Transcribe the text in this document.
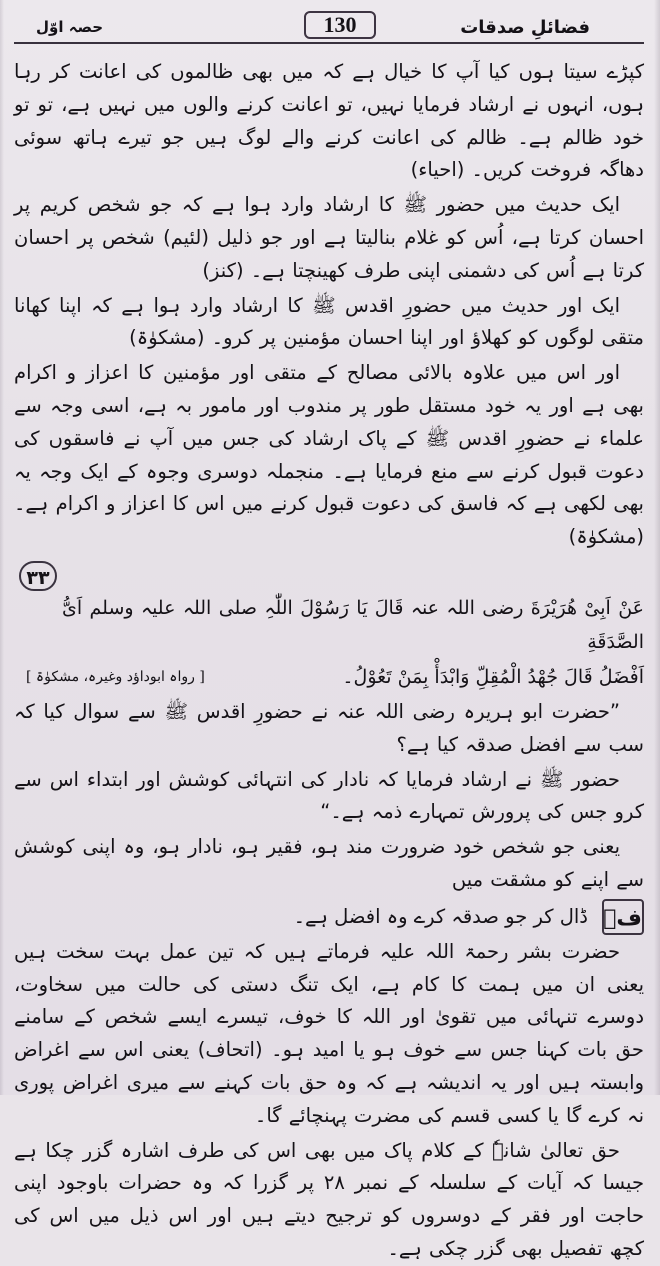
فضائلِ صدقات
130
حصہ اوّل

کپڑے سیتا ہوں کیا آپ کا خیال ہے کہ میں بھی ظالموں کی اعانت کر رہا ہوں، انہوں نے ارشاد فرمایا نہیں، تو اعانت کرنے والوں میں نہیں ہے، تو تو خود ظالم ہے۔ ظالم کی اعانت کرنے والے لوگ ہیں جو تیرے ہاتھ سوئی دھاگہ فروخت کریں۔ (احیاء)

ایک حدیث میں حضور ﷺ کا ارشاد وارد ہوا ہے کہ جو شخص کریم پر احسان کرتا ہے، اُس کو غلام بنالیتا ہے اور جو ذلیل (لئیم) شخص پر احسان کرتا ہے اُس کی دشمنی اپنی طرف کھینچتا ہے۔ (کنز)

ایک اور حدیث میں حضورِ اقدس ﷺ کا ارشاد وارد ہوا ہے کہ اپنا کھانا متقی لوگوں کو کھلاؤ اور اپنا احسان مؤمنین پر کرو۔ (مشکوٰۃ)

اور اس میں علاوہ بالائی مصالح کے متقی اور مؤمنین کا اعزاز و اکرام بھی ہے اور یہ خود مستقل طور پر مندوب اور مامور بہ ہے، اسی وجہ سے علماء نے حضورِ اقدس ﷺ کے پاک ارشاد کی جس میں آپ نے فاسقوں کی دعوت قبول کرنے سے منع فرمایا ہے۔ منجملہ دوسری وجوہ کے ایک وجہ یہ بھی لکھی ہے کہ فاسق کی دعوت قبول کرنے میں اس کا اعزاز و اکرام ہے۔ (مشکوٰۃ)

۳۳
عَنْ اَبِیْ هُرَیْرَةَ رضی اللہ عنہ قَالَ یَا رَسُوْلَ اللّٰہِ صلی اللہ علیہ وسلم اَیُّ الصَّدَقَةِ
اَفْضَلُ قَالَ جُهْدُ الْمُقِلِّ وَابْدَأْ بِمَنْ تَعُوْلُ۔
[ رواہ ابوداؤد وغیرہ، مشکوٰۃ ]

”حضرت ابو ہریرہ رضی اللہ عنہ نے حضورِ اقدس ﷺ سے سوال کیا کہ سب سے افضل صدقہ کیا ہے؟

حضور ﷺ نے ارشاد فرمایا کہ نادار کی انتہائی کوشش اور ابتداء اس سے کرو جس کی پرورش تمہارے ذمہ ہے۔“

یعنی جو شخص خود ضرورت مند ہو، فقیر ہو، نادار ہو، وہ اپنی کوشش سے اپنے کو مشقت میں

فؔ
ڈال کر جو صدقہ کرے وہ افضل ہے۔

حضرت بشر رحمۃ اللہ علیہ فرماتے ہیں کہ تین عمل بہت سخت ہیں یعنی ان میں ہمت کا کام ہے، ایک تنگ دستی کی حالت میں سخاوت، دوسرے تنہائی میں تقویٰ اور اللہ کا خوف، تیسرے ایسے شخص کے سامنے حق بات کہنا جس سے خوف ہو یا امید ہو۔ (اتحاف) یعنی اس سے اغراض وابستہ ہیں اور یہ اندیشہ ہے کہ وہ حق بات کہنے سے میری اغراض پوری نہ کرے گا یا کسی قسم کی مضرت پہنچائے گا۔

حق تعالیٰ شانہٗ کے کلام پاک میں بھی اس کی طرف اشارہ گزر چکا ہے جیسا کہ آیات کے سلسلہ کے نمبر ۲۸ پر گزرا کہ وہ حضرات باوجود اپنی حاجت اور فقر کے دوسروں کو ترجیح دیتے ہیں اور اس ذیل میں اس کی کچھ تفصیل بھی گزر چکی ہے۔
